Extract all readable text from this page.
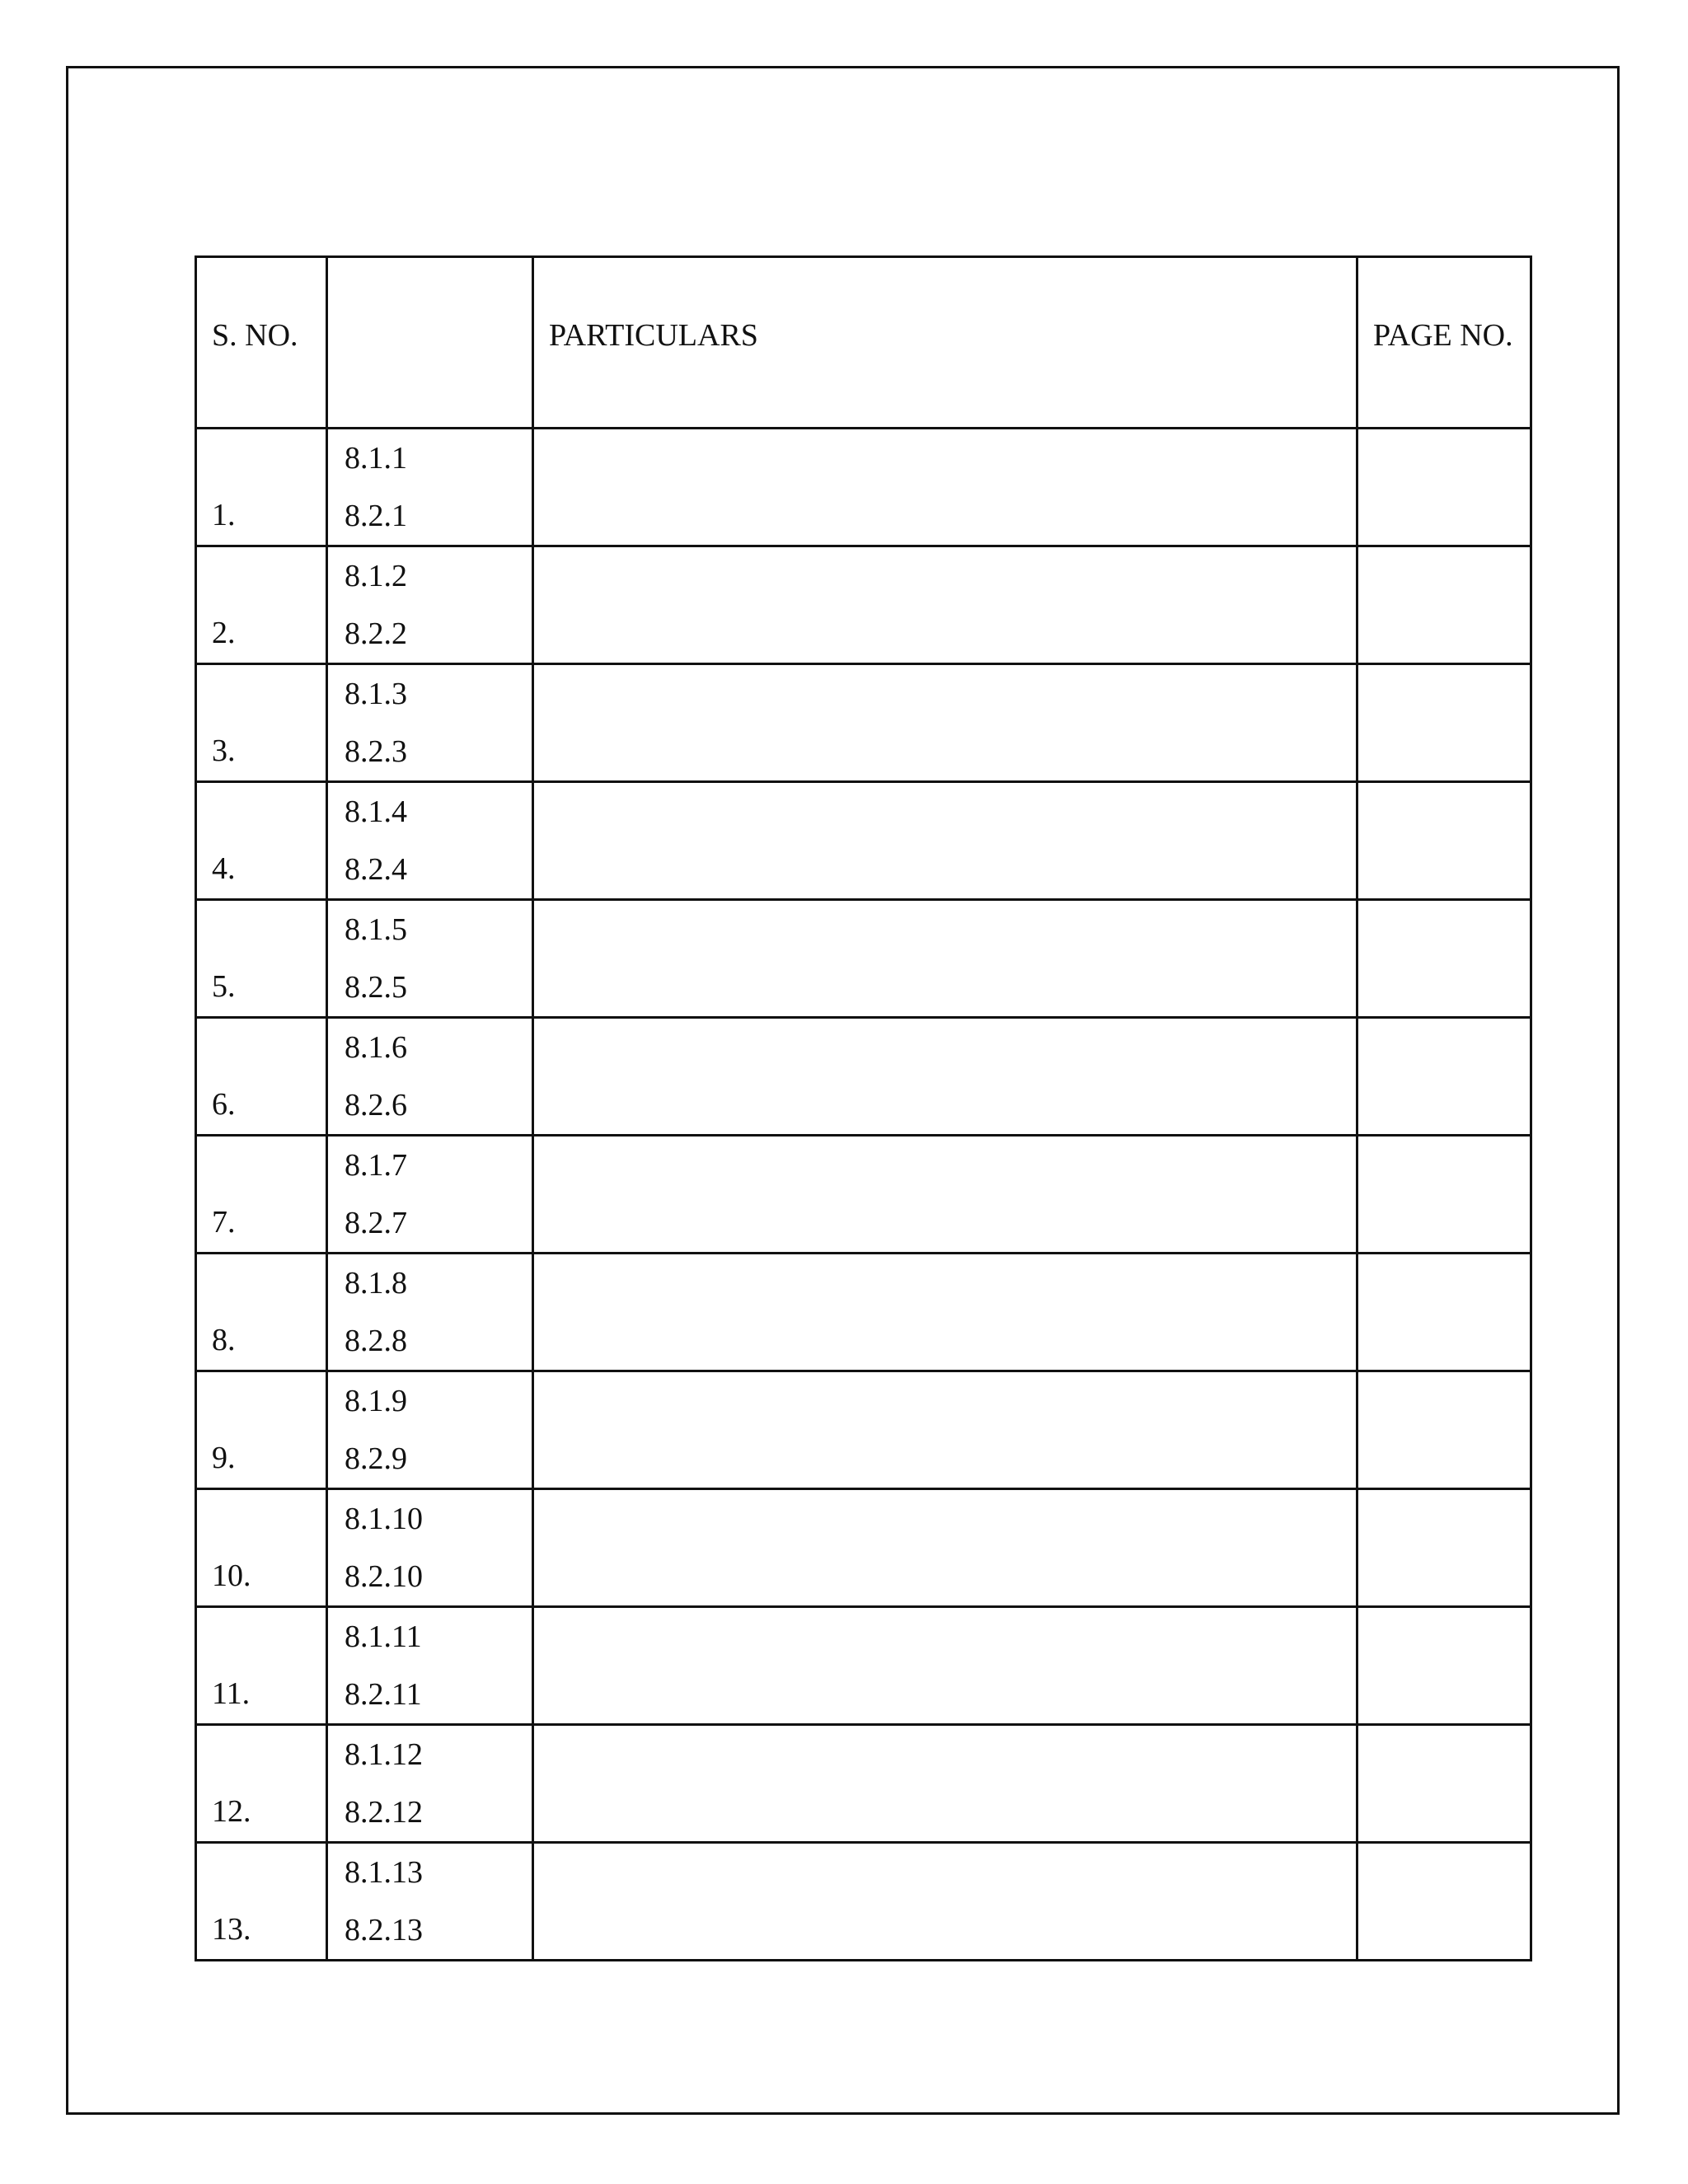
S. NO.		PARTICULARS	PAGE NO.
1.	8.1.1
8.2.1		

2.	8.1.2
8.2.2		

3.	8.1.3
8.2.3		

4.	8.1.4
8.2.4		

5.	8.1.5
8.2.5		

6.	8.1.6
8.2.6		

7.	8.1.7
8.2.7		

8.	8.1.8
8.2.8		

9.	8.1.9
8.2.9		

10.	8.1.10
8.2.10		

11.	8.1.11
8.2.11		

12.	8.1.12
8.2.12		

13.	8.1.13
8.2.13		
